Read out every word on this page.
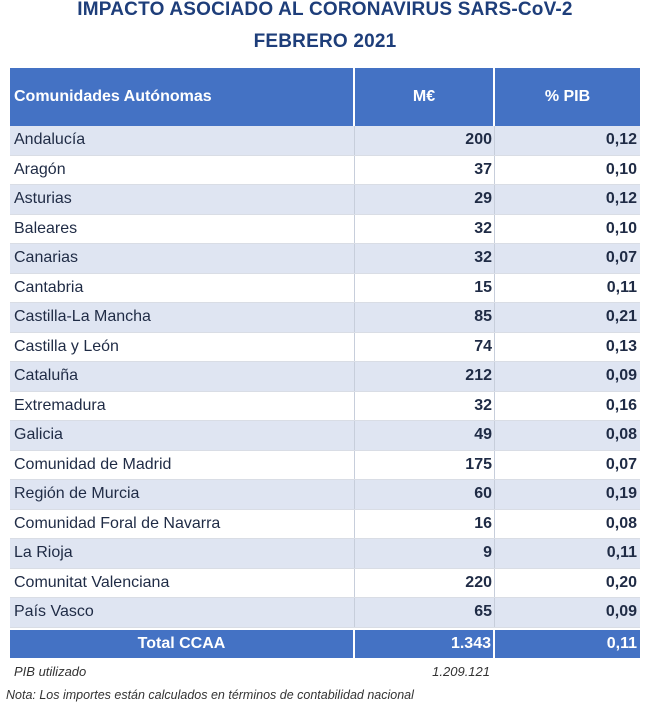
IMPACTO ASOCIADO AL CORONAVIRUS SARS-CoV-2
FEBRERO 2021
Comunidades Autónomas	M€	% PIB
Andalucía	200	0,12
Aragón	37	0,10
Asturias	29	0,12
Baleares	32	0,10
Canarias	32	0,07
Cantabria	15	0,11
Castilla-La Mancha	85	0,21
Castilla y León	74	0,13
Cataluña	212	0,09
Extremadura	32	0,16
Galicia	49	0,08
Comunidad de Madrid	175	0,07
Región de Murcia	60	0,19
Comunidad Foral de Navarra	16	0,08
La Rioja	9	0,11
Comunitat Valenciana	220	0,20
País Vasco	65	0,09
Total CCAA	1.343	0,11
PIB utilizado	1.209.121
Nota: Los importes están calculados en términos de contabilidad nacional
